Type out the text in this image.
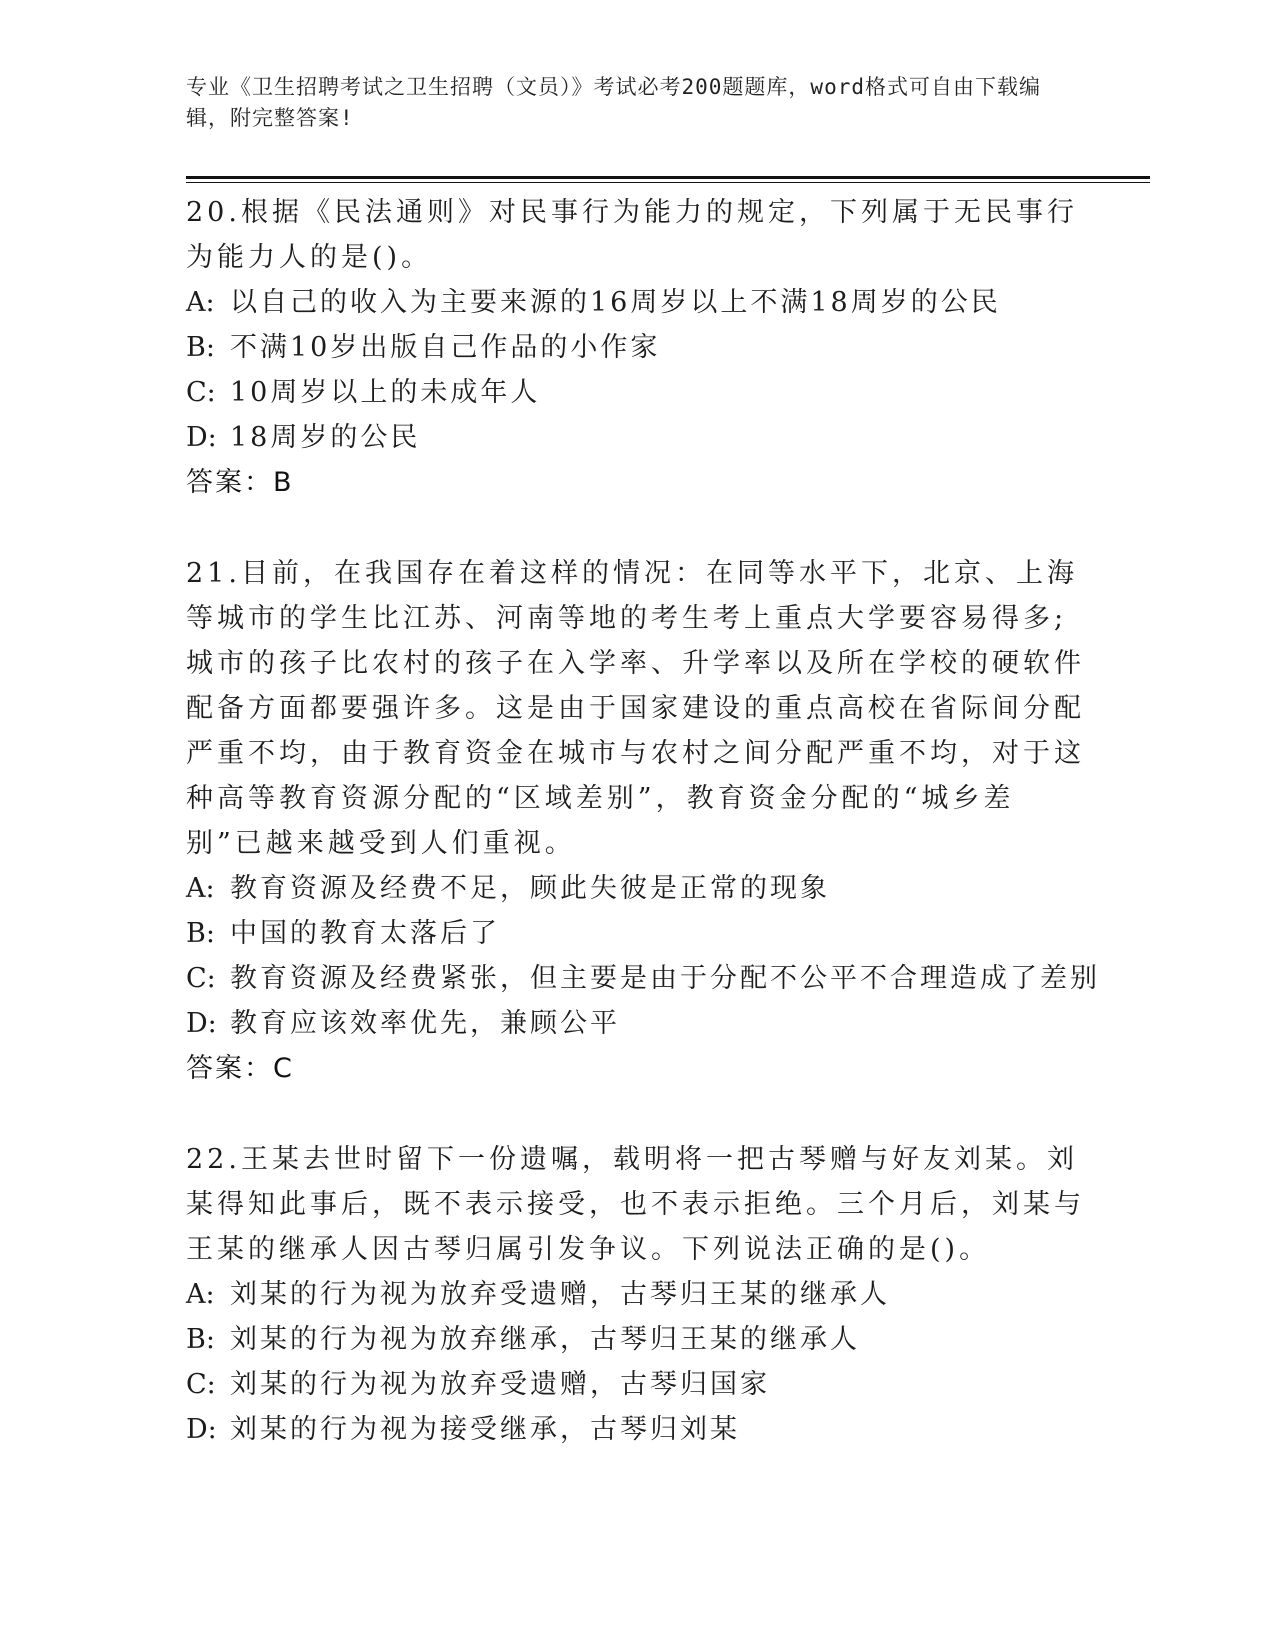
专业《卫生招聘考试之卫生招聘（文员）》考试必考200题题库，word格式可自由下载编辑，附完整答案!

20.根据《民法通则》对民事行为能力的规定，下列属于无民事行为能力人的是()。

A: 以自己的收入为主要来源的16周岁以上不满18周岁的公民

B: 不满10岁出版自己作品的小作家

C: 10周岁以上的未成年人

D: 18周岁的公民

答案：B

21.目前，在我国存在着这样的情况：在同等水平下，北京、上海等城市的学生比江苏、河南等地的考生考上重点大学要容易得多;城市的孩子比农村的孩子在入学率、升学率以及所在学校的硬软件配备方面都要强许多。这是由于国家建设的重点高校在省际间分配严重不均，由于教育资金在城市与农村之间分配严重不均，对于这种高等教育资源分配的“区域差别”，教育资金分配的“城乡差别”已越来越受到人们重视。

A: 教育资源及经费不足，顾此失彼是正常的现象

B: 中国的教育太落后了

C: 教育资源及经费紧张，但主要是由于分配不公平不合理造成了差别

D: 教育应该效率优先，兼顾公平

答案：C

22.王某去世时留下一份遗嘱，载明将一把古琴赠与好友刘某。刘某得知此事后，既不表示接受，也不表示拒绝。三个月后，刘某与王某的继承人因古琴归属引发争议。下列说法正确的是()。

A: 刘某的行为视为放弃受遗赠，古琴归王某的继承人

B: 刘某的行为视为放弃继承，古琴归王某的继承人

C: 刘某的行为视为放弃受遗赠，古琴归国家

D: 刘某的行为视为接受继承，古琴归刘某
